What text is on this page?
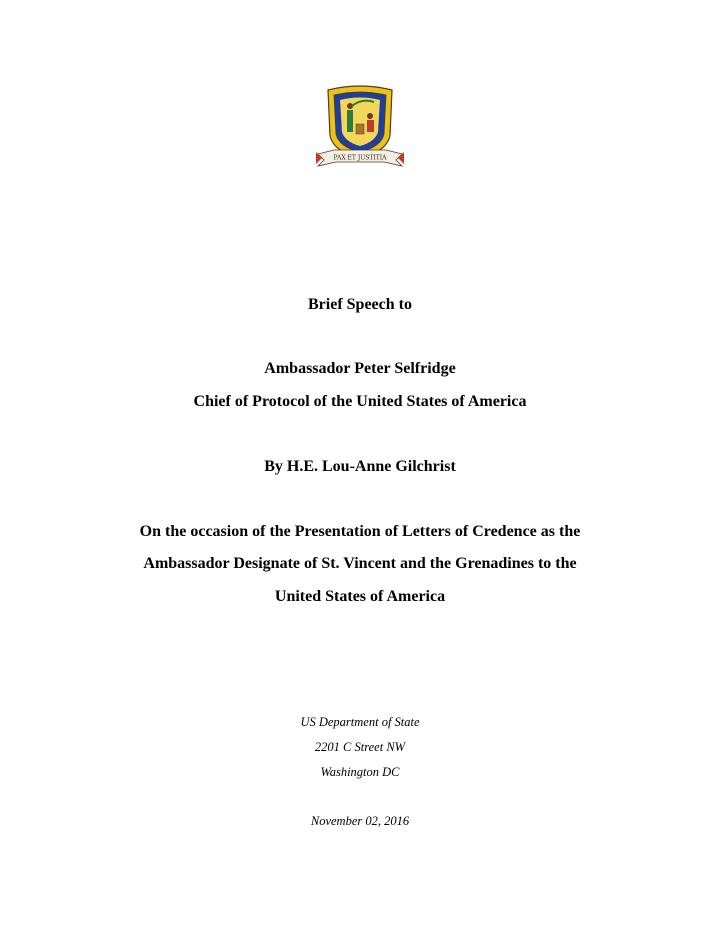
PAX ET JUSTITIA
Brief Speech to
Ambassador Peter Selfridge
Chief of Protocol of the United States of America
By H.E. Lou-Anne Gilchrist
On the occasion of the Presentation of Letters of Credence as the
Ambassador Designate of St. Vincent and the Grenadines to the
United States of America
US Department of State
2201 C Street NW
Washington DC
November 02, 2016
